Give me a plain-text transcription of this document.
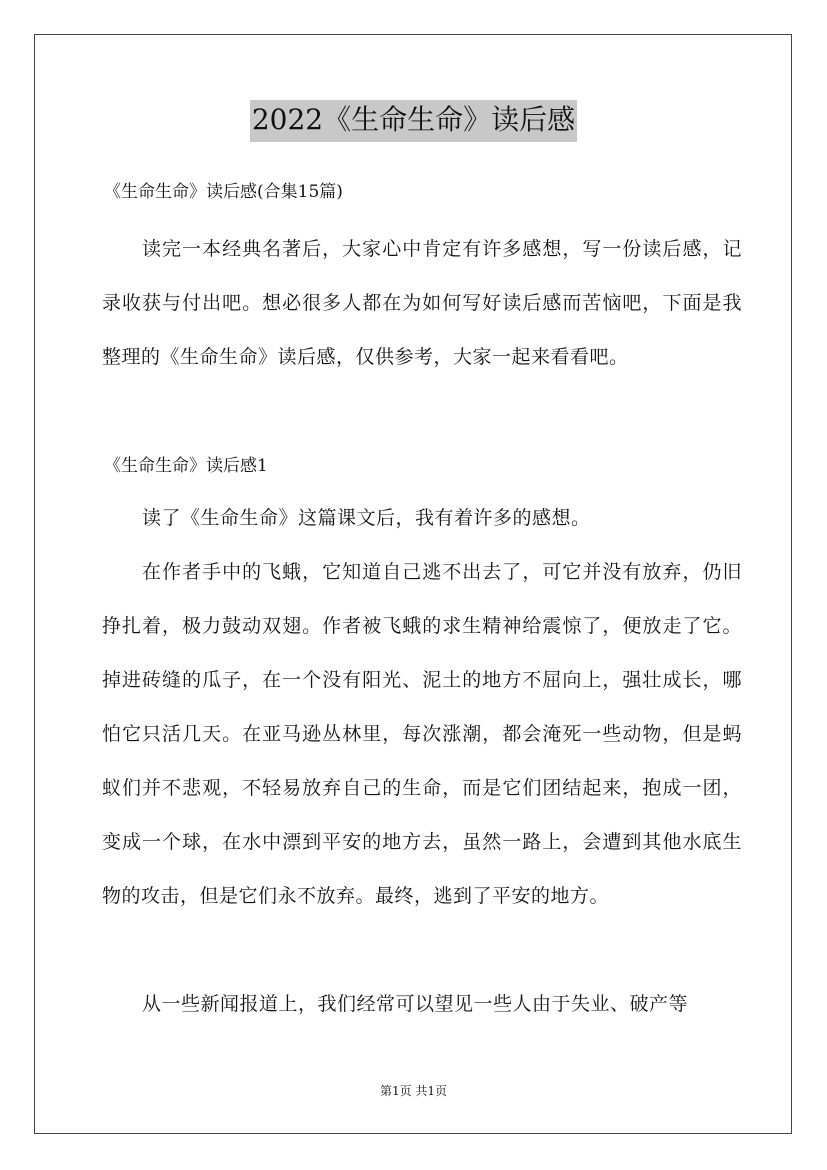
2022《生命生命》读后感
《生命生命》读后感(合集15篇)
读完一本经典名著后，大家心中肯定有许多感想，写一份读后感，记录收获与付出吧。想必很多人都在为如何写好读后感而苦恼吧，下面是我整理的《生命生命》读后感，仅供参考，大家一起来看看吧。
《生命生命》读后感1
读了《生命生命》这篇课文后，我有着许多的感想。
在作者手中的飞蛾，它知道自己逃不出去了，可它并没有放弃，仍旧挣扎着，极力鼓动双翅。作者被飞蛾的求生精神给震惊了，便放走了它。掉进砖缝的瓜子，在一个没有阳光、泥土的地方不屈向上，强壮成长，哪怕它只活几天。在亚马逊丛林里，每次涨潮，都会淹死一些动物，但是蚂蚁们并不悲观，不轻易放弃自己的生命，而是它们团结起来，抱成一团，变成一个球，在水中漂到平安的地方去，虽然一路上，会遭到其他水底生物的攻击，但是它们永不放弃。最终，逃到了平安的地方。
从一些新闻报道上，我们经常可以望见一些人由于失业、破产等
第1页 共1页
